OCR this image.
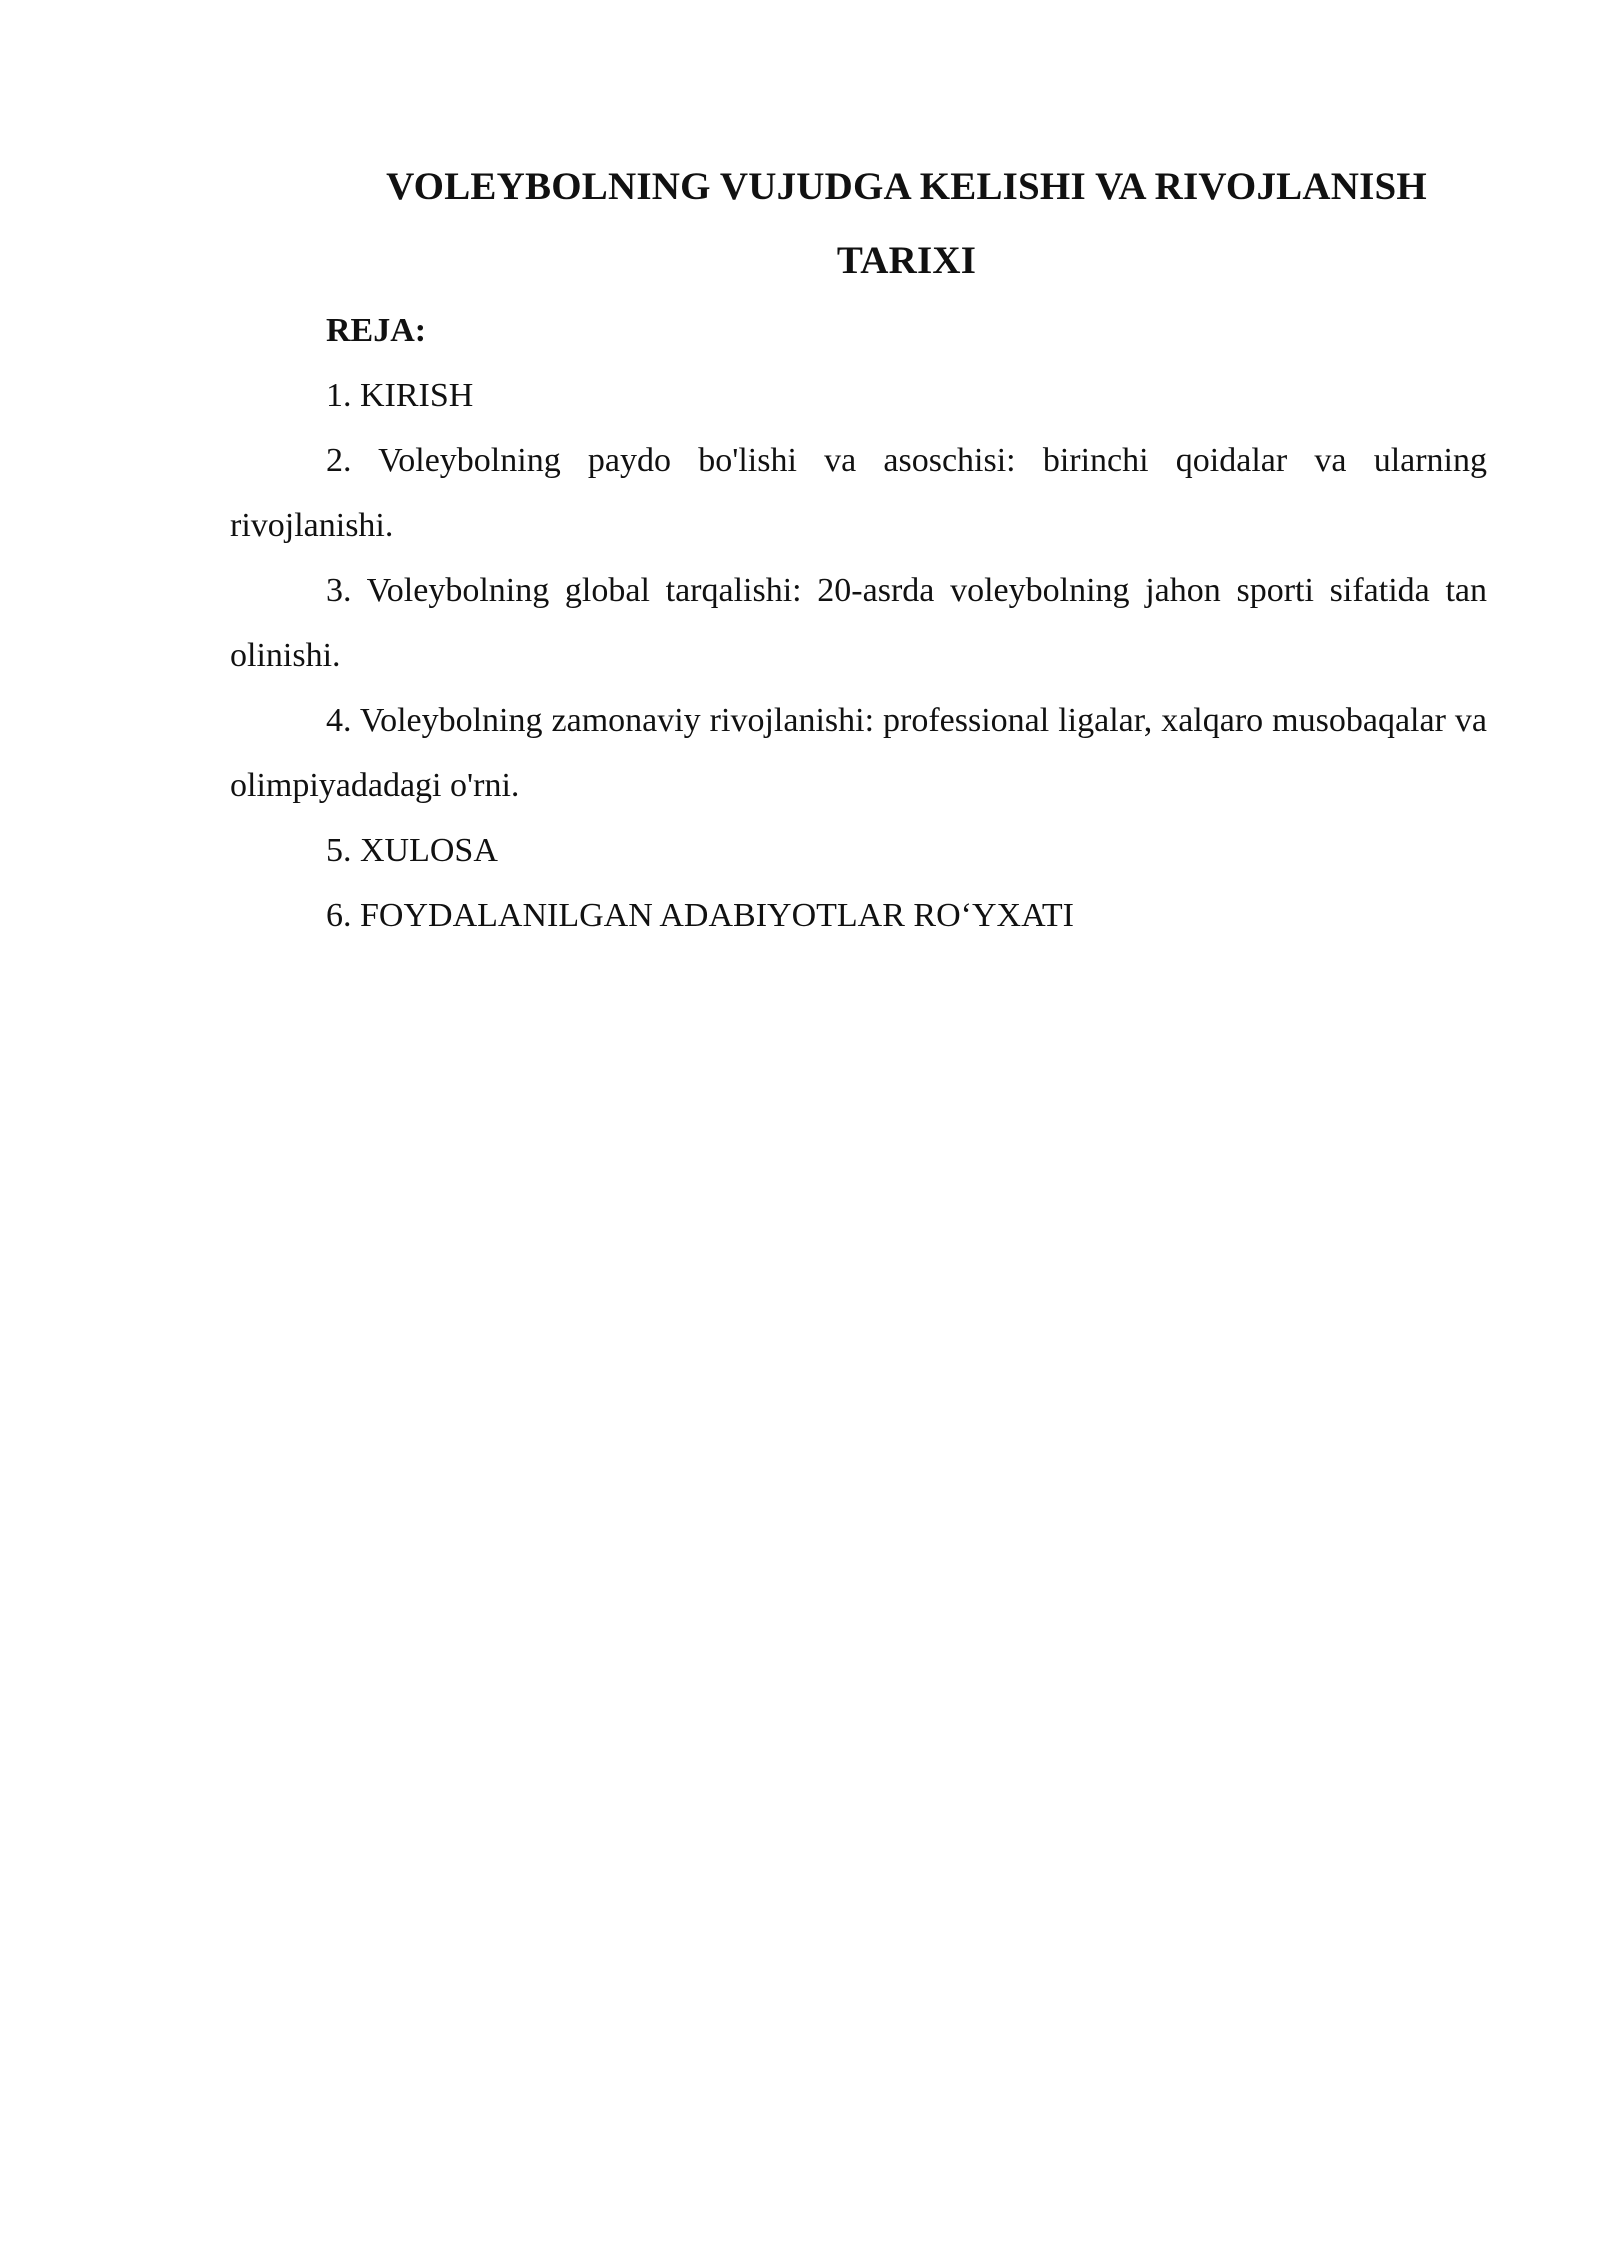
VOLEYBOLNING VUJUDGA KELISHI VA RIVOJLANISH TARIXI

REJA:

1. KIRISH

2. Voleybolning paydo bo'lishi va asoschisi: birinchi qoidalar va ularning rivojlanishi.

3. Voleybolning global tarqalishi: 20-asrda voleybolning jahon sporti sifatida tan olinishi.

4. Voleybolning zamonaviy rivojlanishi: professional ligalar, xalqaro musobaqalar va olimpiyadadagi o'rni.

5. XULOSA

6. FOYDALANILGAN ADABIYOTLAR RO‘YXATI
